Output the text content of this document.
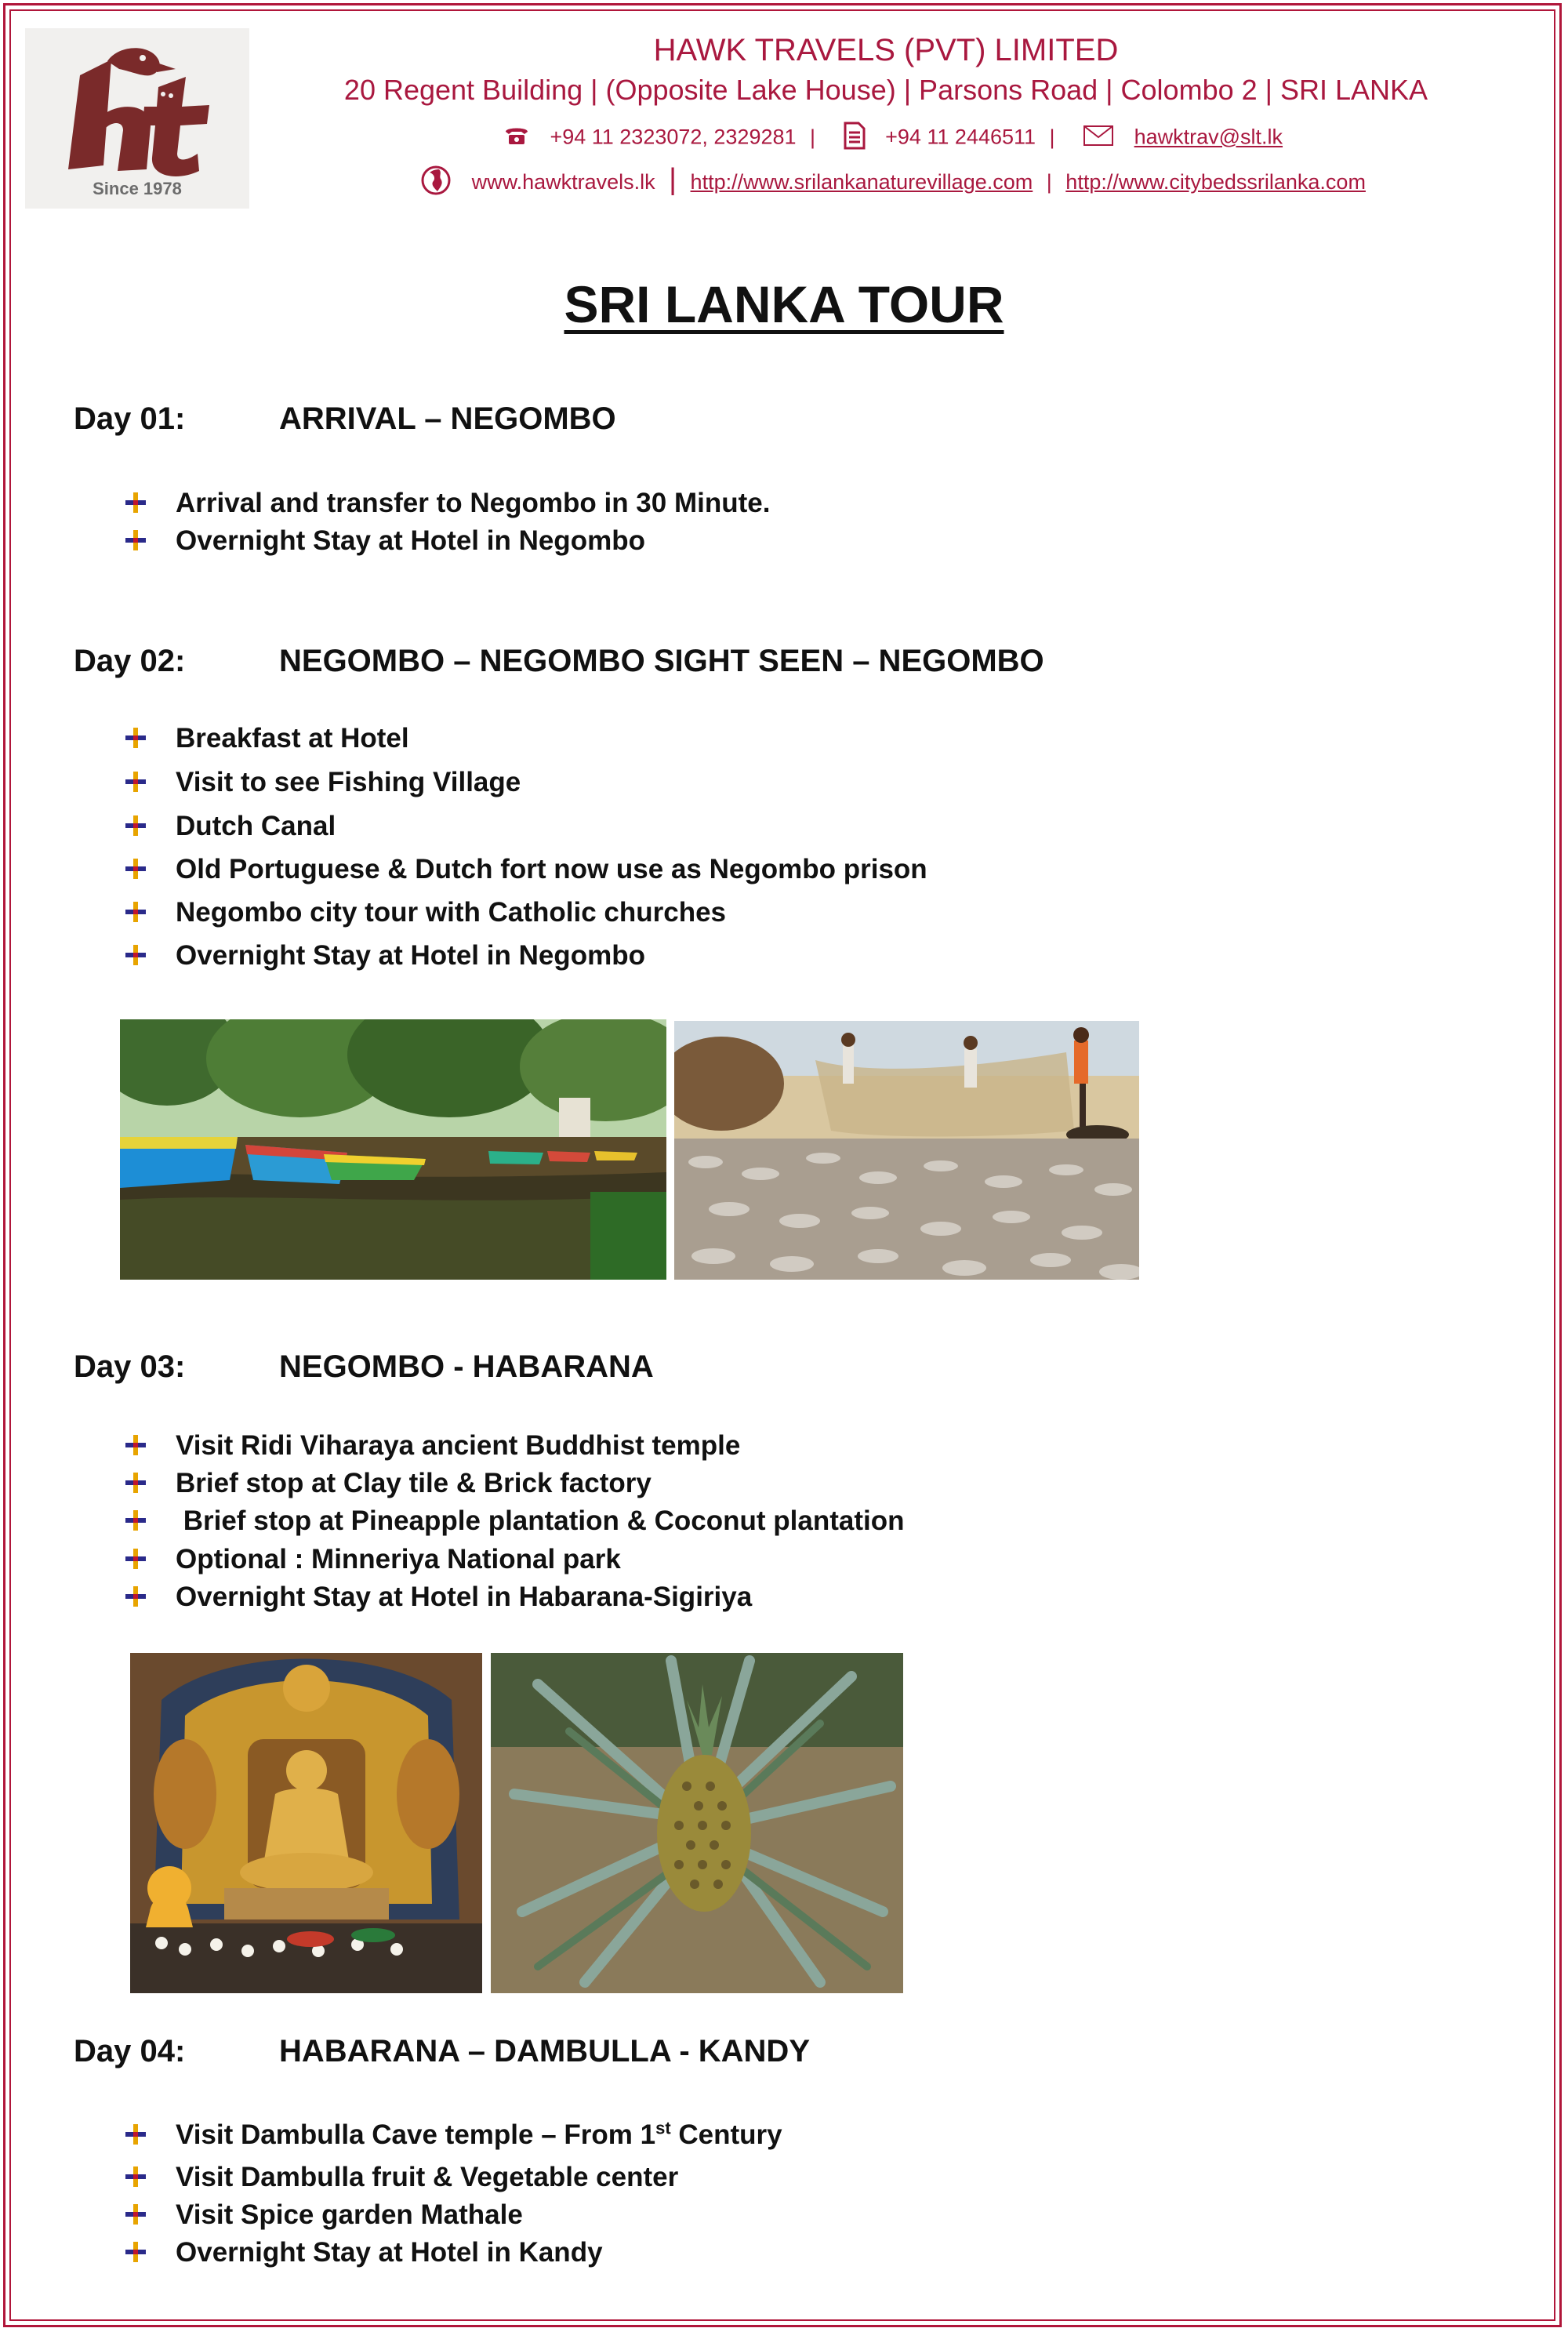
Since 1978
HAWK TRAVELS (PVT) LIMITED
20 Regent Building | (Opposite Lake House) | Parsons Road | Colombo 2 | SRI LANKA
+94 11 2323072, 2329281 |	+94 11 2446511 |	hawktrav@slt.lk
www.hawktravels.lk | http://www.srilankanaturevillage.com | http://www.citybedssrilanka.com
SRI LANKA TOUR
Day 01:	ARRIVAL – NEGOMBO

Arrival and transfer to Negombo in 30 Minute.

Overnight Stay at Hotel in Negombo

Day 02:	NEGOMBO – NEGOMBO SIGHT SEEN – NEGOMBO

Breakfast at Hotel

Visit to see Fishing Village

Dutch Canal

Old Portuguese & Dutch fort now use as Negombo prison

Negombo city tour with Catholic churches

Overnight Stay at Hotel in Negombo

Day 03:	NEGOMBO - HABARANA

Visit Ridi Viharaya ancient Buddhist temple

Brief stop at Clay tile & Brick factory

Brief stop at Pineapple plantation & Coconut plantation

Optional : Minneriya National park

Overnight Stay at Hotel in Habarana-Sigiriya

Day 04:	HABARANA – DAMBULLA - KANDY

Visit Dambulla Cave temple – From 1st Century

Visit Dambulla fruit & Vegetable center

Visit Spice garden Mathale

Overnight Stay at Hotel in Kandy
